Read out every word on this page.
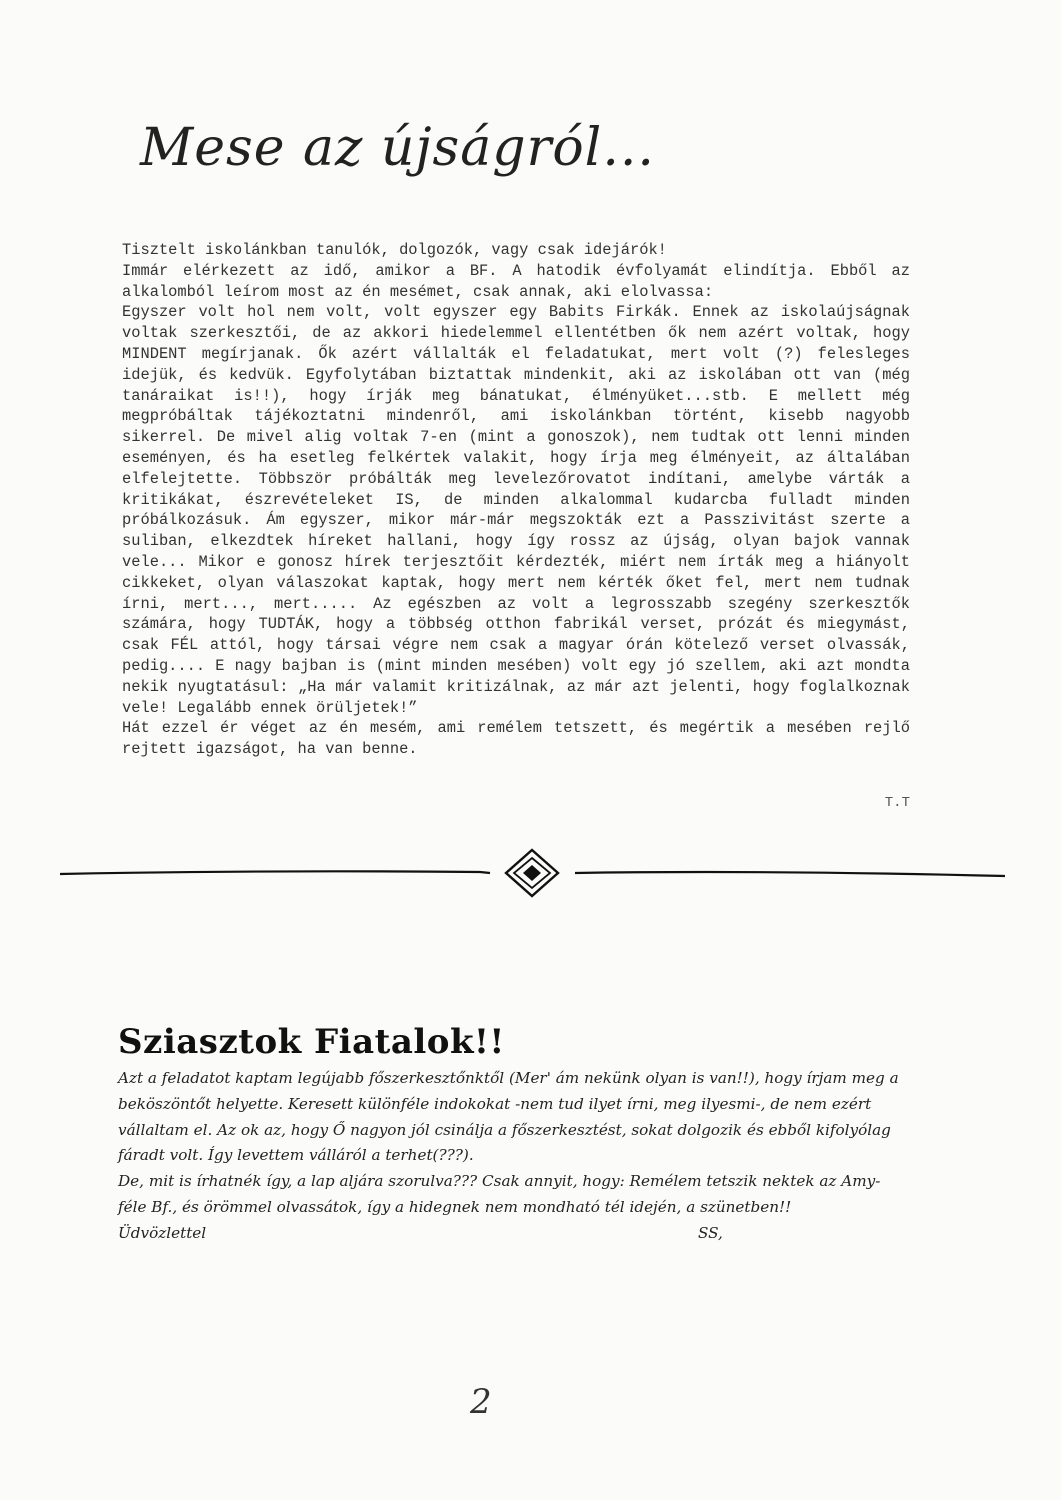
Mese az újságról...

Tisztelt iskolánkban tanulók, dolgozók, vagy csak idejárók!

Immár elérkezett az idő, amikor a BF. A hatodik évfolyamát elindítja. Ebből az alkalomból leírom most az én mesémet, csak annak, aki elolvassa:

Egyszer volt hol nem volt, volt egyszer egy Babits Firkák. Ennek az iskolaújságnak voltak szerkesztői, de az akkori hiedelemmel ellentétben ők nem azért voltak, hogy MINDENT megírjanak. Ők azért vállalták el feladatukat, mert volt (?) felesleges idejük, és kedvük. Egyfolytában biztattak mindenkit, aki az iskolában ott van (még tanáraikat is!!), hogy írják meg bánatukat, élményüket...stb. E mellett még megpróbáltak tájékoztatni mindenről, ami iskolánkban történt, kisebb nagyobb sikerrel. De mivel alig voltak 7-en (mint a gonoszok), nem tudtak ott lenni minden eseményen, és ha esetleg felkértek valakit, hogy írja meg élményeit, az általában elfelejtette. Többször próbálták meg levelezőrovatot indítani, amelybe várták a kritikákat, észrevételeket IS, de minden alkalommal kudarcba fulladt minden próbálkozásuk. Ám egyszer, mikor már-már megszokták ezt a Passzivitást szerte a suliban, elkezdtek híreket hallani, hogy így rossz az újság, olyan bajok vannak vele... Mikor e gonosz hírek terjesztőit kérdezték, miért nem írták meg a hiányolt cikkeket, olyan válaszokat kaptak, hogy mert nem kérték őket fel, mert nem tudnak írni, mert..., mert..... Az egészben az volt a legrosszabb szegény szerkesztők számára, hogy TUDTÁK, hogy a többség otthon fabrikál verset, prózát és miegymást, csak FÉL attól, hogy társai végre nem csak a magyar órán kötelező verset olvassák, pedig.... E nagy bajban is (mint minden mesében) volt egy jó szellem, aki azt mondta nekik nyugtatásul: „Ha már valamit kritizálnak, az már azt jelenti, hogy foglalkoznak vele! Legalább ennek örüljetek!”

Hát ezzel ér véget az én mesém, ami remélem tetszett, és megértik a mesében rejlő rejtett igazságot, ha van benne.

T.T
Sziasztok Fiatalok!!

Azt a feladatot kaptam legújabb főszerkesztőnktől (Mer' ám nekünk olyan is van!!), hogy írjam meg a beköszöntőt helyette. Keresett különféle indokokat -nem tud ilyet írni, meg ilyesmi-, de nem ezért vállaltam el. Az ok az, hogy Ő nagyon jól csinálja a főszerkesztést, sokat dolgozik és ebből kifolyólag fáradt volt. Így levettem válláról a terhet(???).

De, mit is írhatnék így, a lap aljára szorulva??? Csak annyit, hogy: Remélem tetszik nektek az Amy-féle Bf., és örömmel olvassátok, így a hidegnek nem mondható tél idején, a szünetben!!

Üdvözlettel	SS,
2
